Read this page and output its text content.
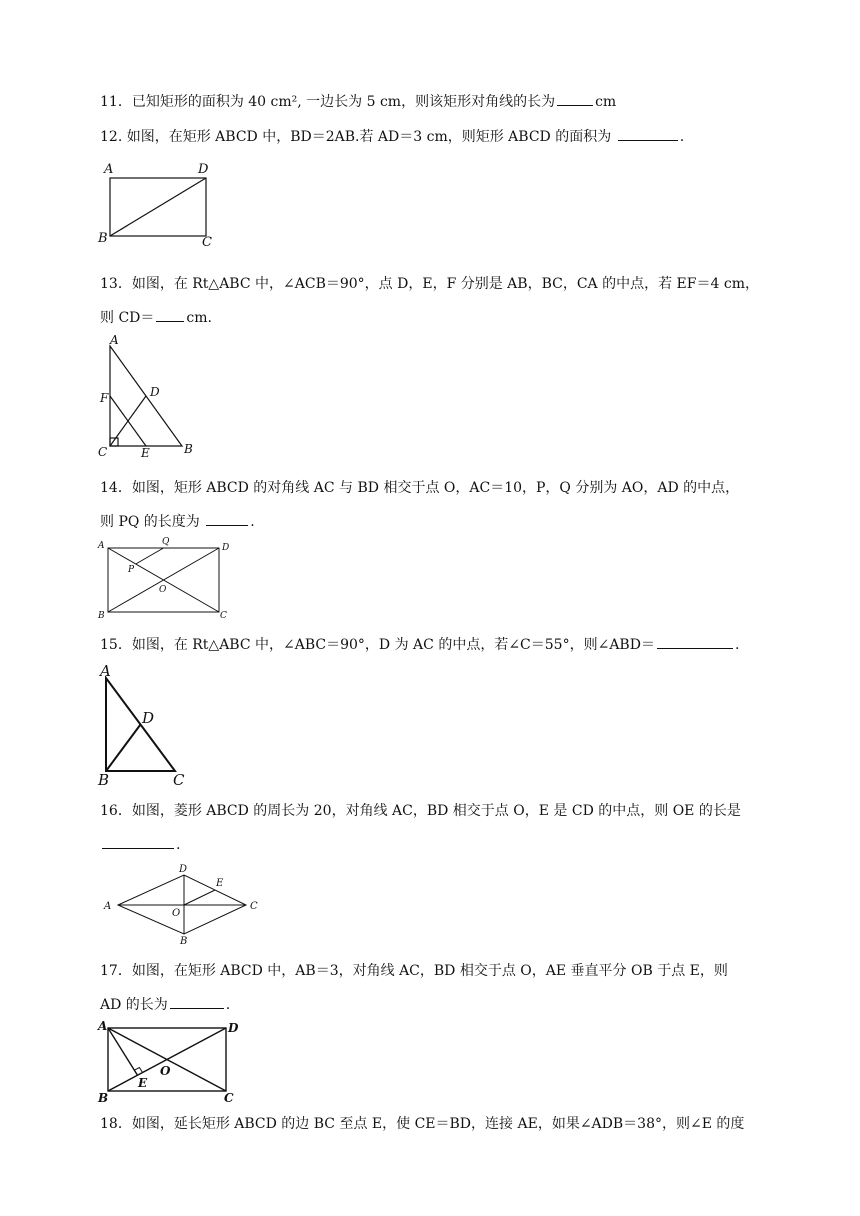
11．已知矩形的面积为 40 cm², 一边长为 5 cm，则该矩形对角线的长为	cm
12. 如图，在矩形 ABCD 中，BD＝2AB.若 AD＝3 cm，则矩形 ABCD 的面积为	.
A	D
B	C
13．如图，在 Rt△ABC 中，∠ACB＝90°，点 D，E，F 分别是 AB，BC，CA 的中点，若 EF＝4 cm，
则 CD＝ cm.
A
D
F
C	E	B
14．如图，矩形 ABCD 的对角线 AC 与 BD 相交于点 O，AC＝10，P，Q 分别为 AO，AD 的中点，
则 PQ 的长度为	.
A	D
B	C
Q
P
O
15．如图，在 Rt△ABC 中，∠ABC＝90°，D 为 AC 的中点，若∠C＝55°，则∠ABD＝	.
A
D
B	C
16．如图，菱形 ABCD 的周长为 20，对角线 AC，BD 相交于点 O，E 是 CD 的中点，则 OE 的长是
.
A
D
E
C
O
B
17．如图，在矩形 ABCD 中，AB＝3，对角线 AC，BD 相交于点 O，AE 垂直平分 OB 于点 E，则
AD 的长为	.
A	D
B	C
E
O
18．如图，延长矩形 ABCD 的边 BC 至点 E，使 CE＝BD，连接 AE，如果∠ADB＝38°，则∠E 的度
